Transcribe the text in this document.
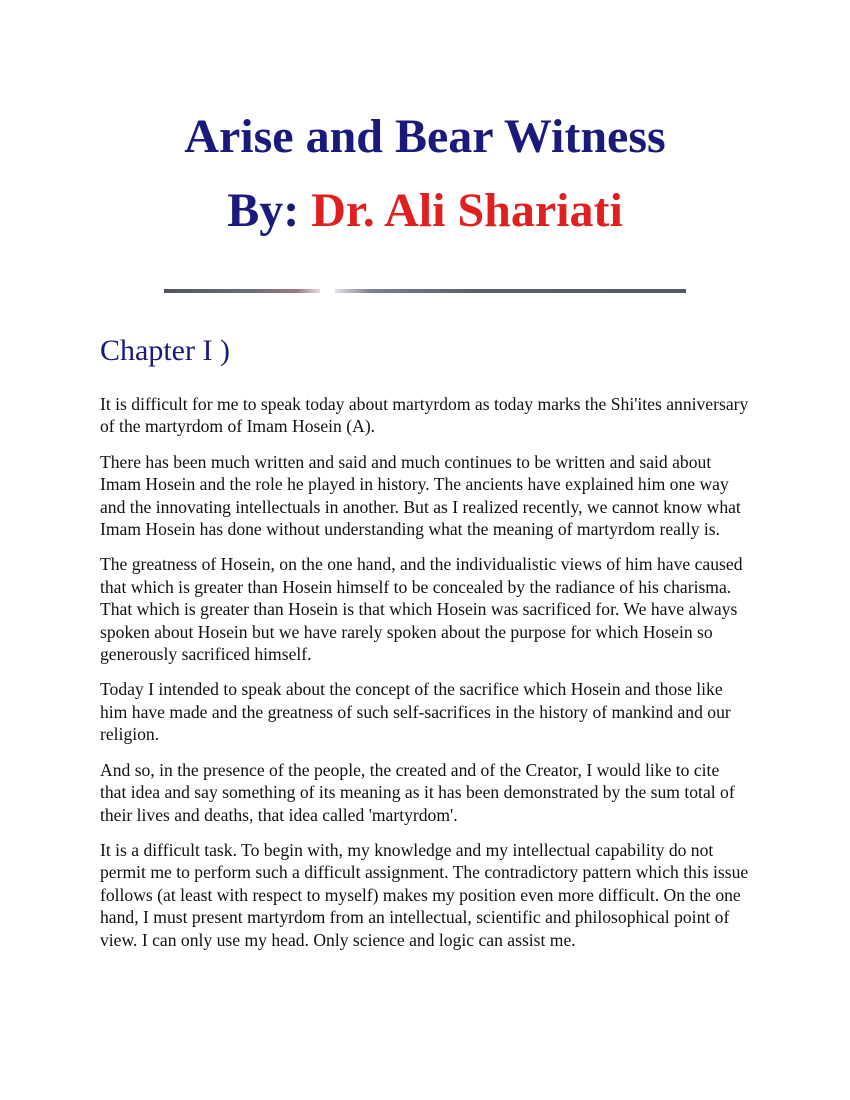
Arise and Bear Witness
By: Dr. Ali Shariati
Chapter I )

It is difficult for me to speak today about martyrdom as today marks the Shi'ites anniversary of the martyrdom of Imam Hosein (A).

There has been much written and said and much continues to be written and said about Imam Hosein and the role he played in history. The ancients have explained him one way and the innovating intellectuals in another. But as I realized recently, we cannot know what Imam Hosein has done without understanding what the meaning of martyrdom really is.

The greatness of Hosein, on the one hand, and the individualistic views of him have caused that which is greater than Hosein himself to be concealed by the radiance of his charisma. That which is greater than Hosein is that which Hosein was sacrificed for. We have always spoken about Hosein but we have rarely spoken about the purpose for which Hosein so generously sacrificed himself.

Today I intended to speak about the concept of the sacrifice which Hosein and those like him have made and the greatness of such self-sacrifices in the history of mankind and our religion.

And so, in the presence of the people, the created and of the Creator, I would like to cite that idea and say something of its meaning as it has been demonstrated by the sum total of their lives and deaths, that idea called 'martyrdom'.

It is a difficult task. To begin with, my knowledge and my intellectual capability do not permit me to perform such a difficult assignment. The contradictory pattern which this issue follows (at least with respect to myself) makes my position even more difficult. On the one hand, I must present martyrdom from an intellectual, scientific and philosophical point of view. I can only use my head. Only science and logic can assist me.
